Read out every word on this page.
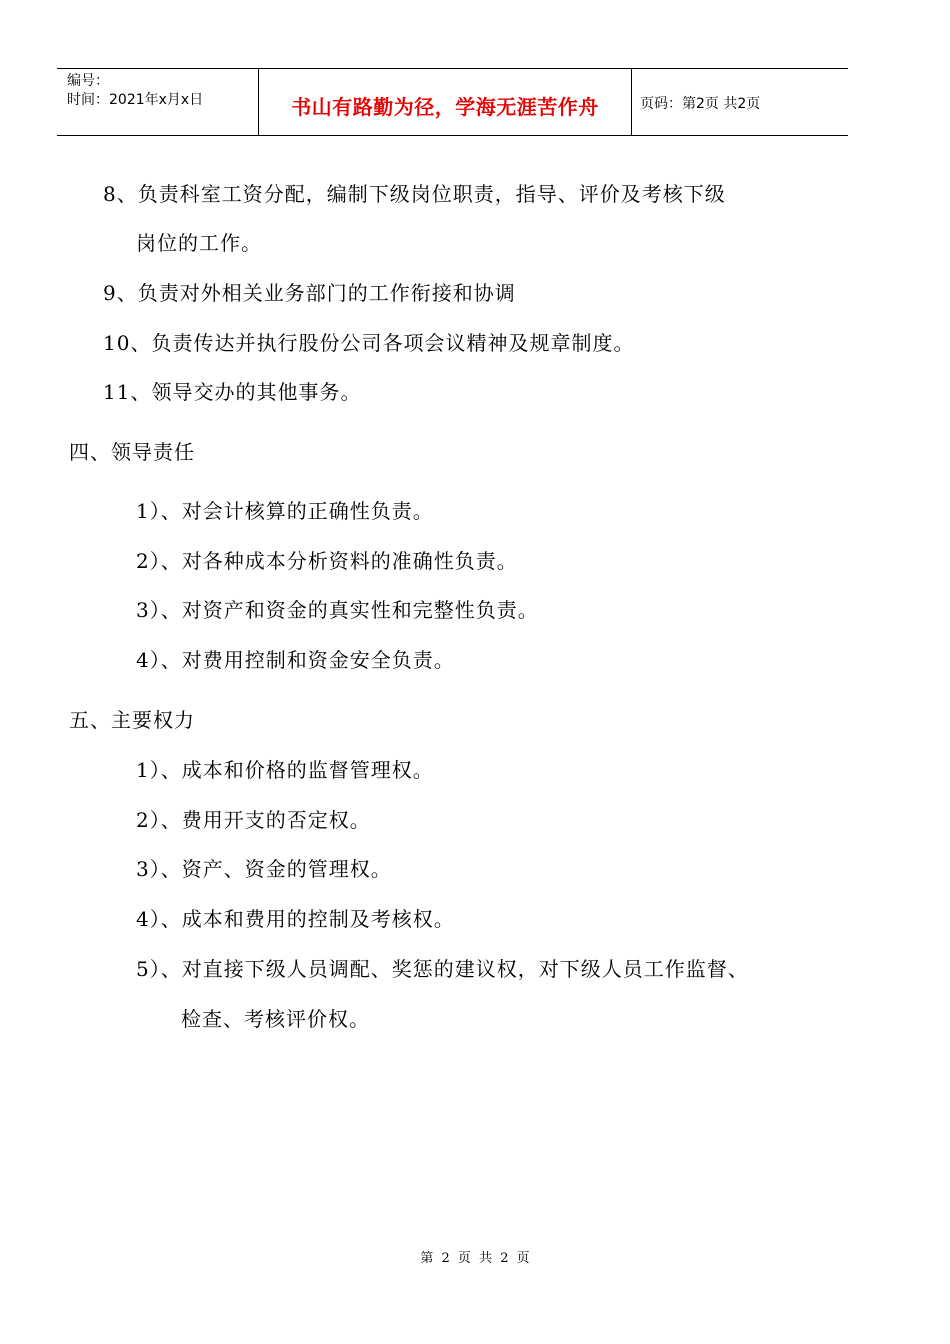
编号：
时间：2021年x月x日	书山有路勤为径，学海无涯苦作舟	页码：第2页 共2页
8、负责科室工资分配，编制下级岗位职责，指导、评价及考核下级
岗位的工作。
9、负责对外相关业务部门的工作衔接和协调
10、负责传达并执行股份公司各项会议精神及规章制度。
11、领导交办的其他事务。
四、领导责任
1）、对会计核算的正确性负责。
2）、对各种成本分析资料的准确性负责。
3）、对资产和资金的真实性和完整性负责。
4）、对费用控制和资金安全负责。
五、主要权力
1）、成本和价格的监督管理权。
2）、费用开支的否定权。
3）、资产、资金的管理权。
4）、成本和费用的控制及考核权。
5）、对直接下级人员调配、奖惩的建议权，对下级人员工作监督、
检查、考核评价权。
第 2 页 共 2 页
